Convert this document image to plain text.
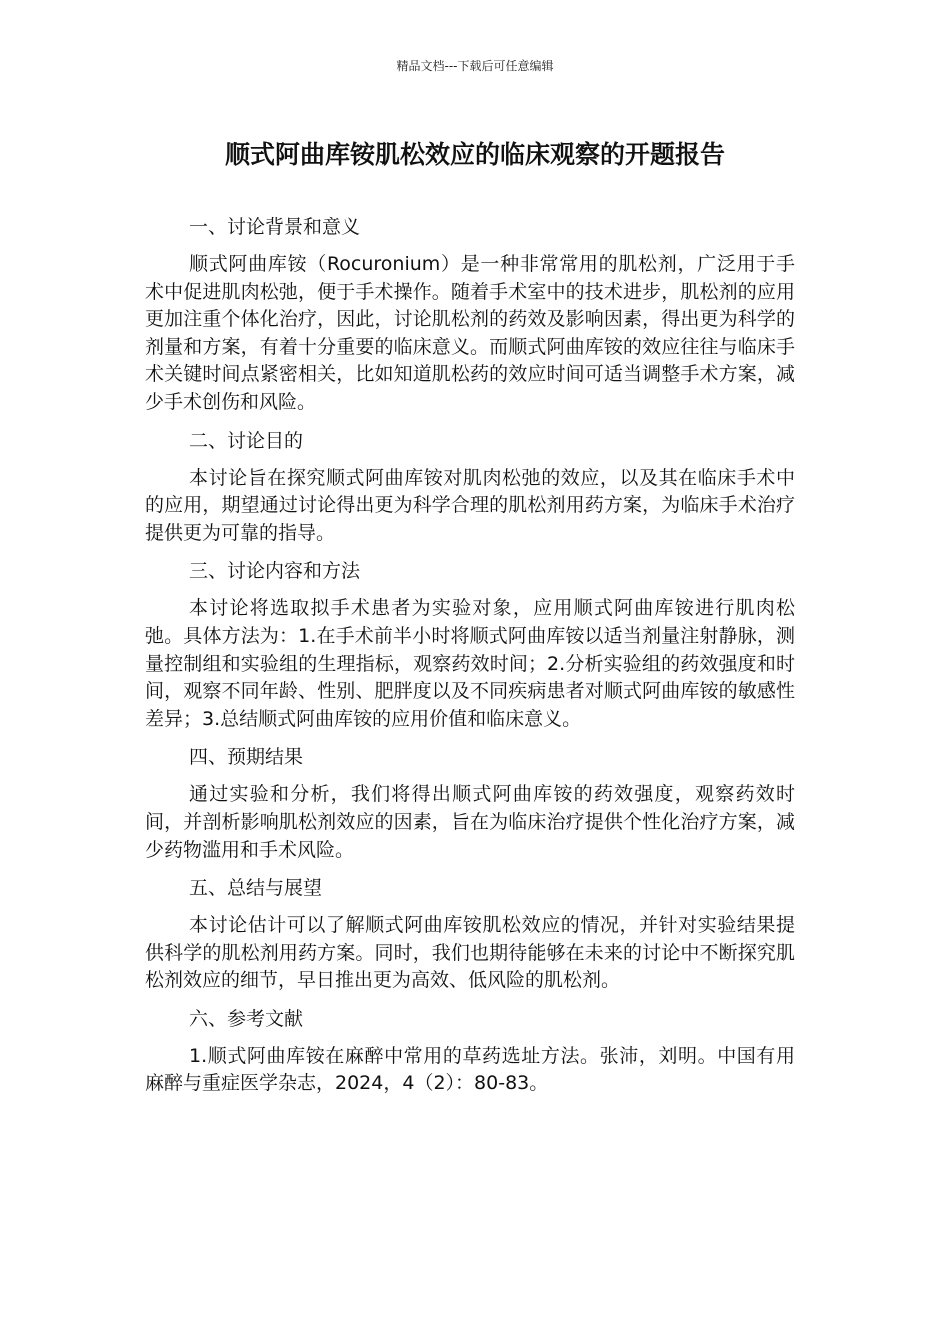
精品文档---下载后可任意编辑
顺式阿曲库铵肌松效应的临床观察的开题报告
一、讨论背景和意义

顺式阿曲库铵（Rocuronium）是一种非常常用的肌松剂，广泛用于手术中促进肌肉松弛，便于手术操作。随着手术室中的技术进步，肌松剂的应用更加注重个体化治疗，因此，讨论肌松剂的药效及影响因素，得出更为科学的剂量和方案，有着十分重要的临床意义。而顺式阿曲库铵的效应往往与临床手术关键时间点紧密相关，比如知道肌松药的效应时间可适当调整手术方案，减少手术创伤和风险。

二、讨论目的

本讨论旨在探究顺式阿曲库铵对肌肉松弛的效应，以及其在临床手术中的应用，期望通过讨论得出更为科学合理的肌松剂用药方案，为临床手术治疗提供更为可靠的指导。

三、讨论内容和方法

本讨论将选取拟手术患者为实验对象，应用顺式阿曲库铵进行肌肉松弛。具体方法为：1.在手术前半小时将顺式阿曲库铵以适当剂量注射静脉，测量控制组和实验组的生理指标，观察药效时间；2.分析实验组的药效强度和时间，观察不同年龄、性别、肥胖度以及不同疾病患者对顺式阿曲库铵的敏感性差异；3.总结顺式阿曲库铵的应用价值和临床意义。

四、预期结果

通过实验和分析，我们将得出顺式阿曲库铵的药效强度，观察药效时间，并剖析影响肌松剂效应的因素，旨在为临床治疗提供个性化治疗方案，减少药物滥用和手术风险。

五、总结与展望

本讨论估计可以了解顺式阿曲库铵肌松效应的情况，并针对实验结果提供科学的肌松剂用药方案。同时，我们也期待能够在未来的讨论中不断探究肌松剂效应的细节，早日推出更为高效、低风险的肌松剂。

六、参考文献

1.顺式阿曲库铵在麻醉中常用的草药选址方法。张沛，刘明。中国有用麻醉与重症医学杂志，2024，4（2）：80-83。
